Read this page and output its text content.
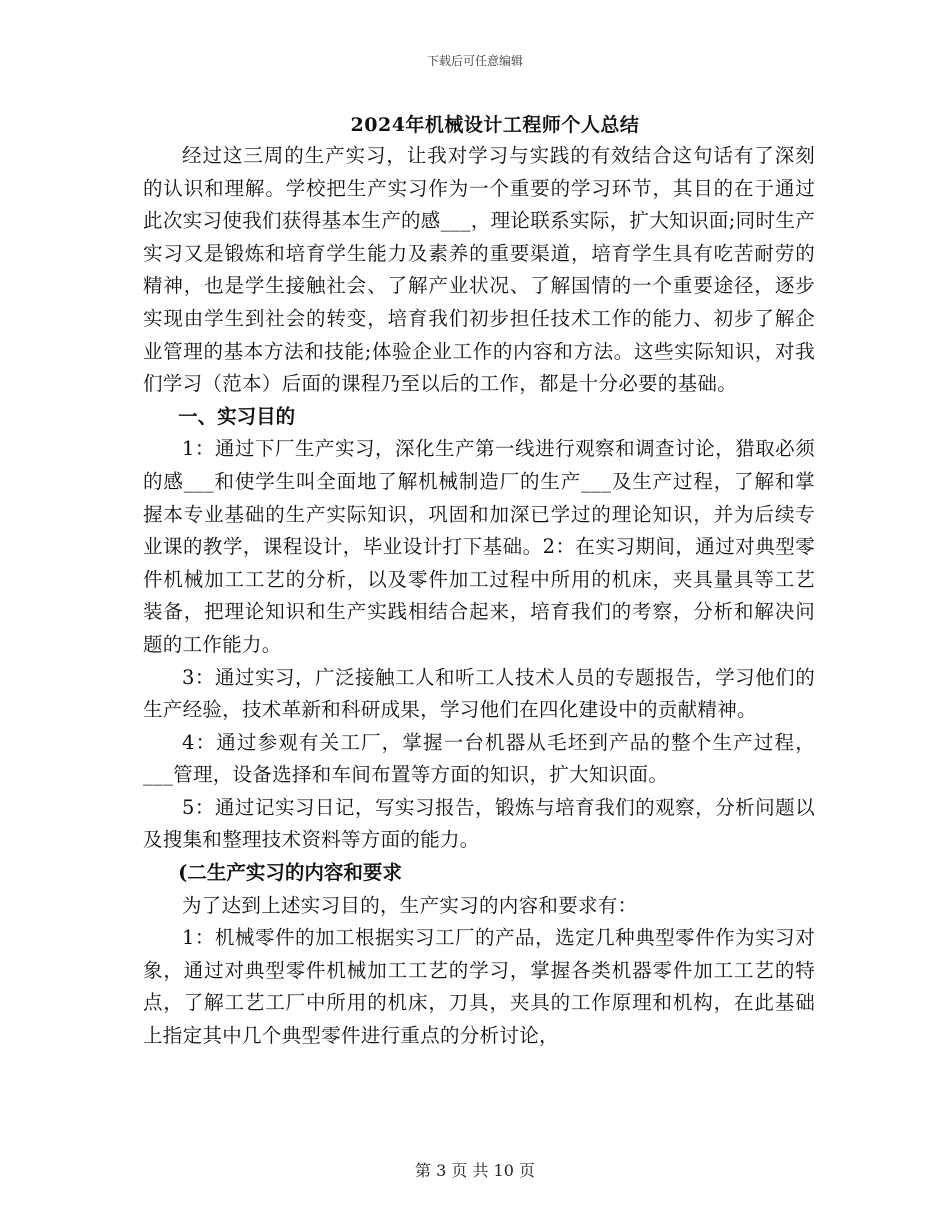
下载后可任意编辑
2024年机械设计工程师个人总结

经过这三周的生产实习，让我对学习与实践的有效结合这句话有了深刻的认识和理解。学校把生产实习作为一个重要的学习环节，其目的在于通过此次实习使我们获得基本生产的感___，理论联系实际，扩大知识面;同时生产实习又是锻炼和培育学生能力及素养的重要渠道，培育学生具有吃苦耐劳的精神，也是学生接触社会、了解产业状况、了解国情的一个重要途径，逐步实现由学生到社会的转变，培育我们初步担任技术工作的能力、初步了解企业管理的基本方法和技能;体验企业工作的内容和方法。这些实际知识，对我们学习（范本）后面的课程乃至以后的工作，都是十分必要的基础。

一、实习目的

1：通过下厂生产实习，深化生产第一线进行观察和调查讨论，猎取必须的感___和使学生叫全面地了解机械制造厂的生产___及生产过程，了解和掌握本专业基础的生产实际知识，巩固和加深已学过的理论知识，并为后续专业课的教学，课程设计，毕业设计打下基础。2：在实习期间，通过对典型零件机械加工工艺的分析，以及零件加工过程中所用的机床，夹具量具等工艺装备，把理论知识和生产实践相结合起来，培育我们的考察，分析和解决问题的工作能力。

3：通过实习，广泛接触工人和听工人技术人员的专题报告，学习他们的生产经验，技术革新和科研成果，学习他们在四化建设中的贡献精神。

4：通过参观有关工厂，掌握一台机器从毛坯到产品的整个生产过程，___管理，设备选择和车间布置等方面的知识，扩大知识面。

5：通过记实习日记，写实习报告，锻炼与培育我们的观察，分析问题以及搜集和整理技术资料等方面的能力。

(二生产实习的内容和要求

为了达到上述实习目的，生产实习的内容和要求有：

1：机械零件的加工根据实习工厂的产品，选定几种典型零件作为实习对象，通过对典型零件机械加工工艺的学习，掌握各类机器零件加工工艺的特点，了解工艺工厂中所用的机床，刀具，夹具的工作原理和机构，在此基础上指定其中几个典型零件进行重点的分析讨论，

第 3 页 共 10 页
